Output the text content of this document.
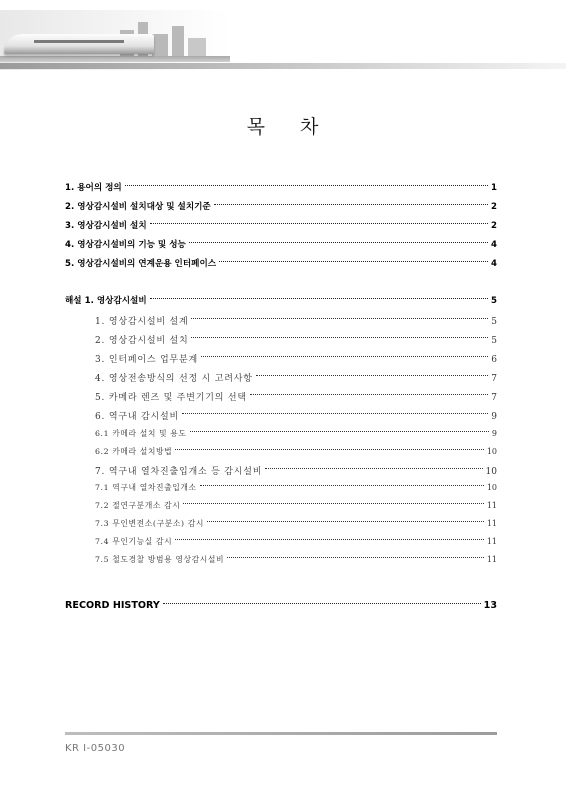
목 차
1. 용어의 정의	1
2. 영상감시설비 설치대상 및 설치기준	2
3. 영상감시설비 설치	2
4. 영상감시설비의 기능 및 성능	4
5. 영상감시설비의 연계운용 인터페이스	4
해설 1. 영상감시설비	5
1. 영상감시설비 설계	5
2. 영상감시설비 설치	5
3. 인터페이스 업무분계	6
4. 영상전송방식의 선정 시 고려사항	7
5. 카메라 렌즈 및 주변기기의 선택	7
6. 역구내 감시설비	9
6.1 카메라 설치 및 용도	9
6.2 카메라 설치방법	10
7. 역구내 열차진출입개소 등 감시설비	10
7.1 역구내 열차진출입개소	10
7.2 절연구분개소 감시	11
7.3 무인변전소(구분소) 감시	11
7.4 무인기능실 감시	11
7.5 철도경찰 방범용 영상감시설비	11
RECORD HISTORY	13
KR I-05030
